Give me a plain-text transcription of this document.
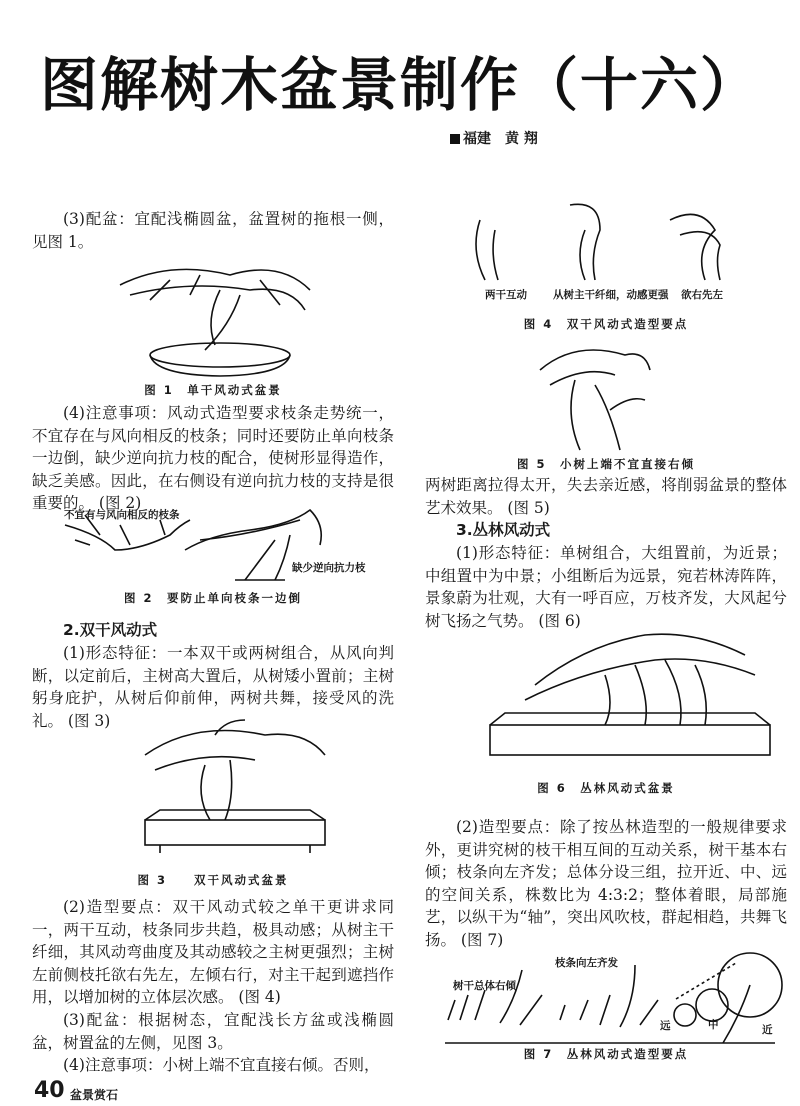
图解树木盆景制作（十六）
福建　 黄 翔
(3)配盆：宜配浅椭圆盆，盆置树的拖根一侧，见图 1。
图 1　单干风动式盆景
(4)注意事项：风动式造型要求枝条走势统一，不宜存在与风向相反的枝条；同时还要防止单向枝条一边倒，缺少逆向抗力枝的配合，使树形显得造作，缺乏美感。因此，在右侧设有逆向抗力枝的支持是很重要的。 (图 2)
不宜有与风向相反的枝条
缺少逆向抗力枝
图 2　要防止单向枝条一边倒
2.双干风动式
(1)形态特征：一本双干或两树组合，从风向判断，以定前后，主树高大置后，从树矮小置前；主树躬身庇护，从树后仰前伸，两树共舞，接受风的洗礼。 (图 3)
图 3　　双干风动式盆景
(2)造型要点：双干风动式较之单干更讲求同一，两干互动，枝条同步共趋，极具动感；从树主干纤细，其风动弯曲度及其动感较之主树更强烈；主树左前侧枝托欲右先左，左倾右行，对主干起到遮挡作用，以增加树的立体层次感。 (图 4)
(3)配盆：根据树态，宜配浅长方盆或浅椭圆盆，树置盆的左侧，见图 3。
(4)注意事项：小树上端不宜直接右倾。否则，
两干互动 从树主干纤细，动感更强 欲右先左
图 4　双干风动式造型要点
图 5　小树上端不宜直接右倾
两树距离拉得太开，失去亲近感，将削弱盆景的整体艺术效果。 (图 5)
3.丛林风动式
(1)形态特征：单树组合，大组置前，为近景；中组置中为中景；小组断后为远景，宛若林涛阵阵，景象蔚为壮观，大有一呼百应，万枝齐发，大风起兮树飞扬之气势。 (图 6)
图 6　丛林风动式盆景
(2)造型要点：除了按丛林造型的一般规律要求外，更讲究树的枝干相互间的互动关系，树干基本右倾；枝条向左齐发；总体分设三组，拉开近、中、远的空间关系，株数比为 4:3:2；整体着眼，局部施艺，以纵干为“轴”，突出风吹枝，群起相趋，共舞飞扬。 (图 7)
树干总体右倾
枝条向左齐发
远	中	近
图 7　丛林风动式造型要点
40 盆景赏石
